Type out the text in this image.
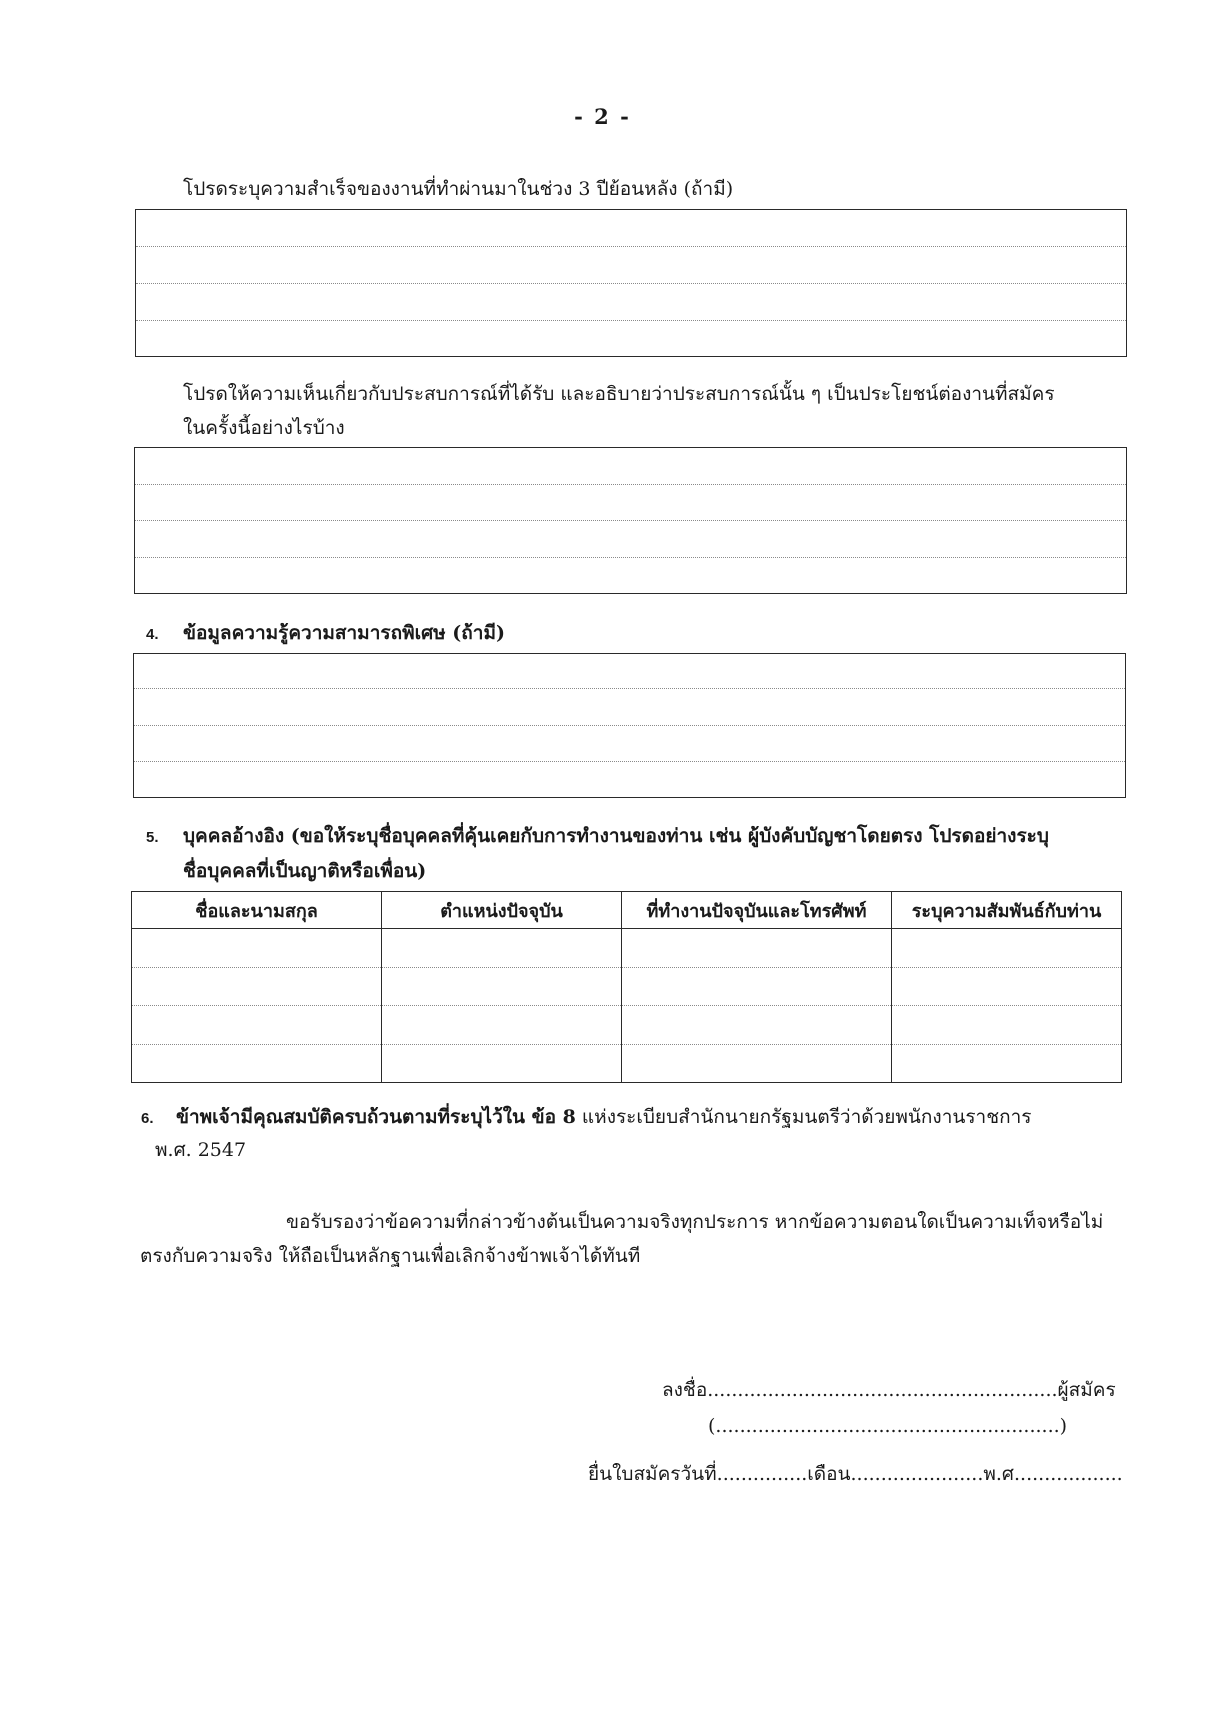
- 2 -
โปรดระบุความสำเร็จของงานที่ทำผ่านมาในช่วง 3 ปีย้อนหลัง (ถ้ามี)
โปรดให้ความเห็นเกี่ยวกับประสบการณ์ที่ได้รับ และอธิบายว่าประสบการณ์นั้น ๆ เป็นประโยชน์ต่องานที่สมัคร
ในครั้งนี้อย่างไรบ้าง
4. ข้อมูลความรู้ความสามารถพิเศษ (ถ้ามี)
5. บุคคลอ้างอิง (ขอให้ระบุชื่อบุคคลที่คุ้นเคยกับการทำงานของท่าน เช่น ผู้บังคับบัญชาโดยตรง โปรดอย่างระบุ
ชื่อบุคคลที่เป็นญาติหรือเพื่อน)
ชื่อและนามสกุล	ตำแหน่งปัจจุบัน	ที่ทำงานปัจจุบันและโทรศัพท์	ระบุความสัมพันธ์กับท่าน

6. ข้าพเจ้ามีคุณสมบัติครบถ้วนตามที่ระบุไว้ใน ข้อ 8 แห่งระเบียบสำนักนายกรัฐมนตรีว่าด้วยพนักงานราชการ
พ.ศ. 2547
ขอรับรองว่าข้อความที่กล่าวข้างต้นเป็นความจริงทุกประการ หากข้อความตอนใดเป็นความเท็จหรือไม่
ตรงกับความจริง ให้ถือเป็นหลักฐานเพื่อเลิกจ้างข้าพเจ้าได้ทันที
ลงชื่อ..........................................................ผู้สมัคร
(.........................................................)
ยื่นใบสมัครวันที่...............เดือน......................พ.ศ..................
